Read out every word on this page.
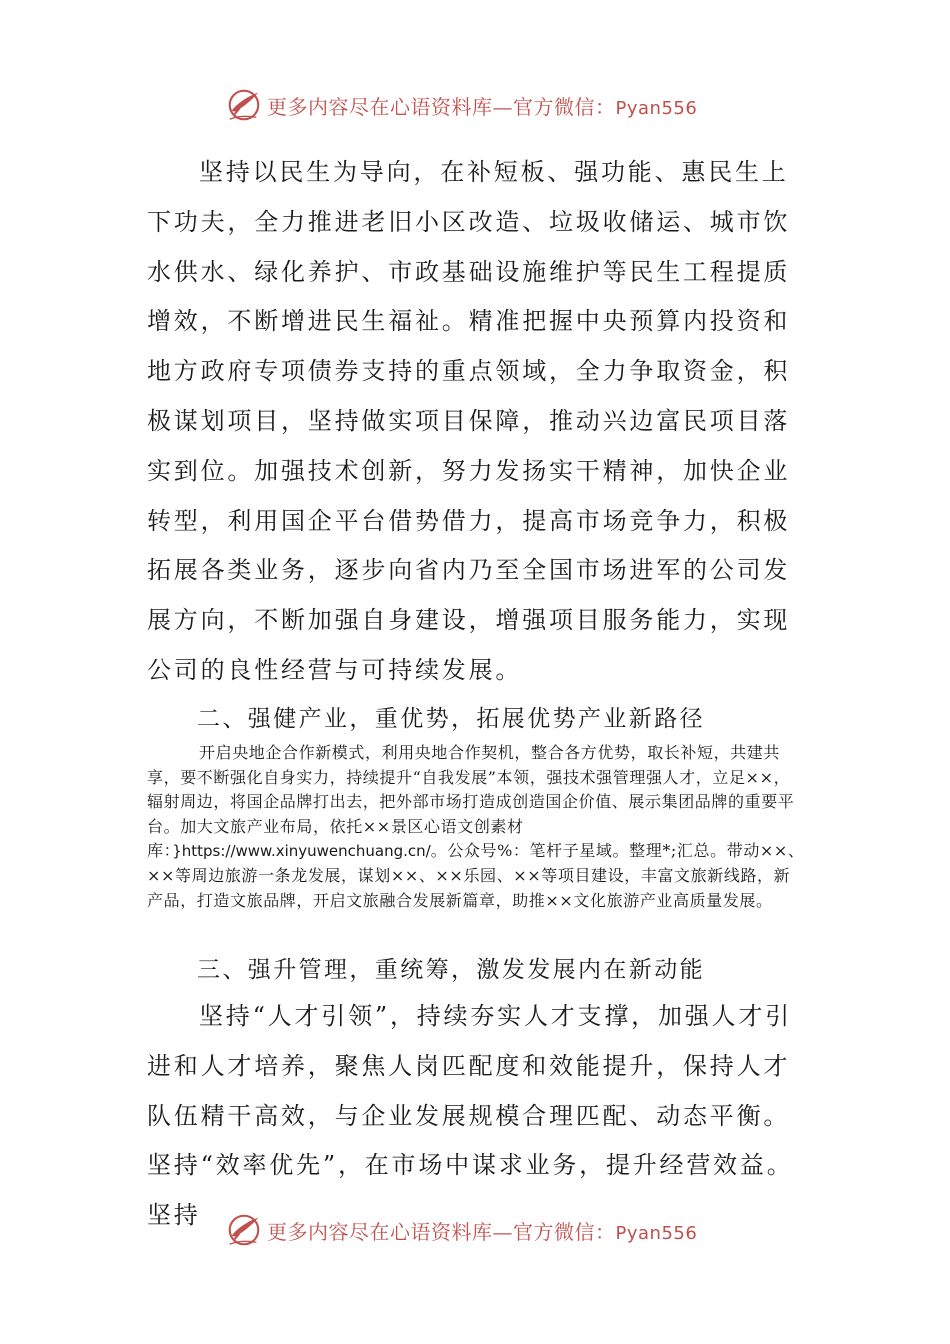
更多内容尽在心语资料库—官方微信：Pyan556

坚持以民生为导向，在补短板、强功能、惠民生上下功夫，全力推进老旧小区改造、垃圾收储运、城市饮水供水、绿化养护、市政基础设施维护等民生工程提质增效，不断增进民生福祉。精准把握中央预算内投资和地方政府专项债券支持的重点领域，全力争取资金，积极谋划项目，坚持做实项目保障，推动兴边富民项目落实到位。加强技术创新，努力发扬实干精神，加快企业转型，利用国企平台借势借力，提高市场竞争力，积极拓展各类业务，逐步向省内乃至全国市场进军的公司发展方向，不断加强自身建设，增强项目服务能力，实现公司的良性经营与可持续发展。

二、强健产业，重优势，拓展优势产业新路径

开启央地企合作新模式，利用央地合作契机，整合各方优势，取长补短，共建共享，要不断强化自身实力，持续提升“自我发展”本领，强技术强管理强人才，立足××，辐射周边，将国企品牌打出去，把外部市场打造成创造国企价值、展示集团品牌的重要平台。加大文旅产业布局，依托××景区心语文创素材库：}https://www.xinyuwenchuang.cn/。公众号%：笔杆子星域。整理*;汇总。带动××、××等周边旅游一条龙发展，谋划××、××乐园、××等项目建设，丰富文旅新线路，新产品，打造文旅品牌，开启文旅融合发展新篇章，助推××文化旅游产业高质量发展。

三、强升管理，重统筹，激发发展内在新动能

坚持“人才引领”，持续夯实人才支撑，加强人才引进和人才培养，聚焦人岗匹配度和效能提升，保持人才队伍精干高效，与企业发展规模合理匹配、动态平衡。坚持“效率优先”，在市场中谋求业务，提升经营效益。坚持

更多内容尽在心语资料库—官方微信：Pyan556
